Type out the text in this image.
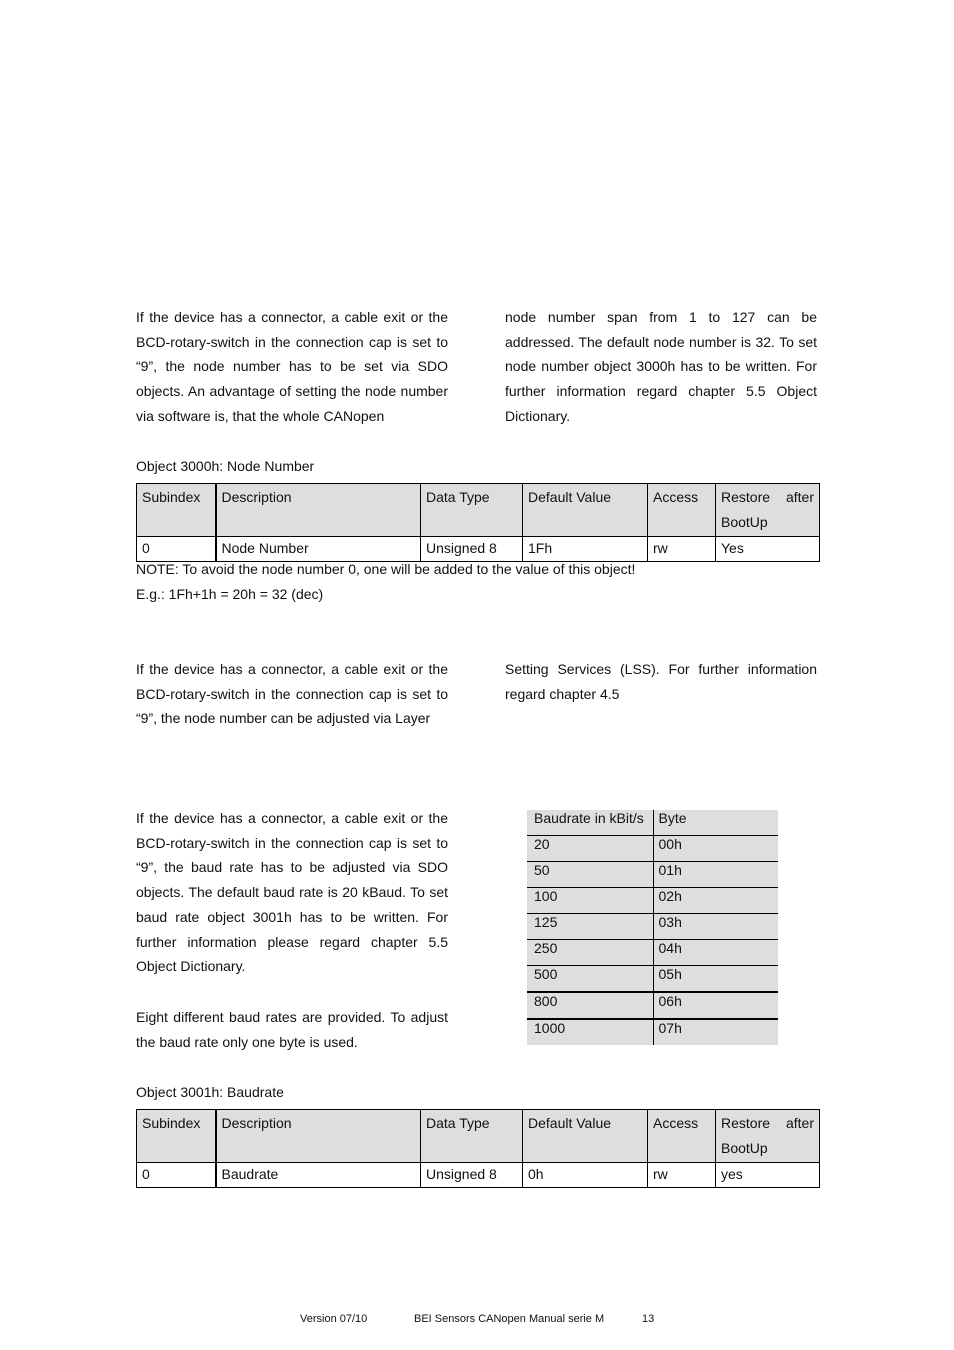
If the device has a connector, a cable exit or the BCD-rotary-switch in the connection cap is set to “9”, the node number has to be set via SDO objects. An advantage of setting the node number via software is, that the whole CANopen

node number span from 1 to 127 can be addressed. The default node number is 32. To set node number object 3000h has to be written. For further information regard chapter 5.5 Object Dictionary.

Object 3000h: Node Number

Subindex	Description	Data Type	Default Value	Access	Restore after
BootUp

0	Node Number	Unsigned 8	1Fh	rw	Yes

NOTE: To avoid the node number 0, one will be added to the value of this object!

E.g.: 1Fh+1h = 20h = 32 (dec)

If the device has a connector, a cable exit or the BCD-rotary-switch in the connection cap is set to “9”, the node number can be adjusted via Layer

Setting Services (LSS). For further information regard chapter 4.5

If the device has a connector, a cable exit or the BCD-rotary-switch in the connection cap is set to “9”, the baud rate has to be adjusted via SDO objects. The default baud rate is 20 kBaud. To set baud rate object 3001h has to be written. For further information please regard chapter 5.5 Object Dictionary.

Eight different baud rates are provided. To adjust the baud rate only one byte is used.

Baudrate in kBit/s	Byte
20	00h
50	01h
100	02h
125	03h
250	04h
500	05h
800	06h
1000	07h

Object 3001h: Baudrate

Subindex	Description	Data Type	Default Value	Access	Restore after
BootUp

0	Baudrate	Unsigned 8	0h	rw	yes
Version 07/10	BEI Sensors CANopen Manual serie M	13
